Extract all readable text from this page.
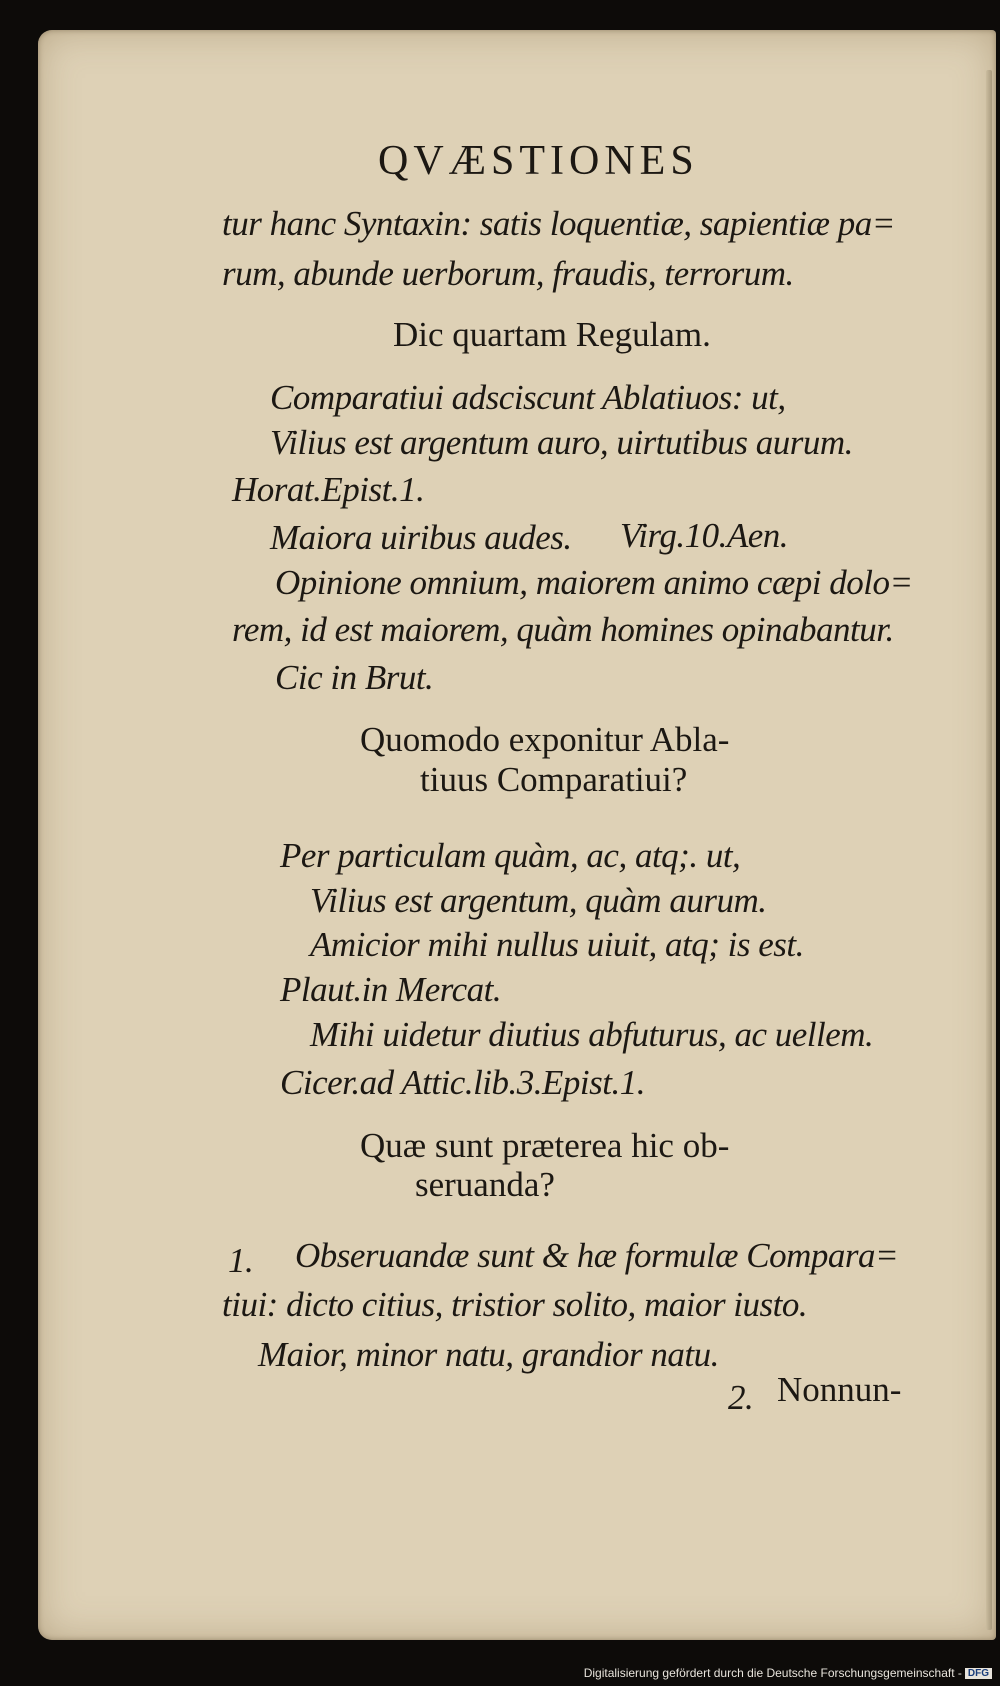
QVÆSTIONES
tur hanc Syntaxin: satis loquentiæ, sapientiæ pa=
rum, abunde uerborum, fraudis, terrorum.
Dic quartam Regulam.
Comparatiui adsciscunt Ablatiuos: ut,
Vilius est argentum auro, uirtutibus aurum.
Horat.Epist.1.
Maiora uiribus audes. Virg.10.Aen.
Opinione omnium, maiorem animo cæpi dolo=
rem, id est maiorem, quàm homines opinabantur.
Cic in Brut.
Quomodo exponitur Abla-
tiuus Comparatiui?
Per particulam quàm, ac, atq;. ut,
Vilius est argentum, quàm aurum.
Amicior mihi nullus uiuit, atq; is est.
Plaut.in Mercat.
Mihi uidetur diutius abfuturus, ac uellem.
Cicer.ad Attic.lib.3.Epist.1.
Quæ sunt præterea hic ob-
seruanda?
1. Obseruandæ sunt & hæ formulæ Compara=
tiui: dicto citius, tristior solito, maior iusto.
Maior, minor natu, grandior natu.
2. Nonnun-
Digitalisierung gefördert durch die Deutsche Forschungsgemeinschaft - DFG
